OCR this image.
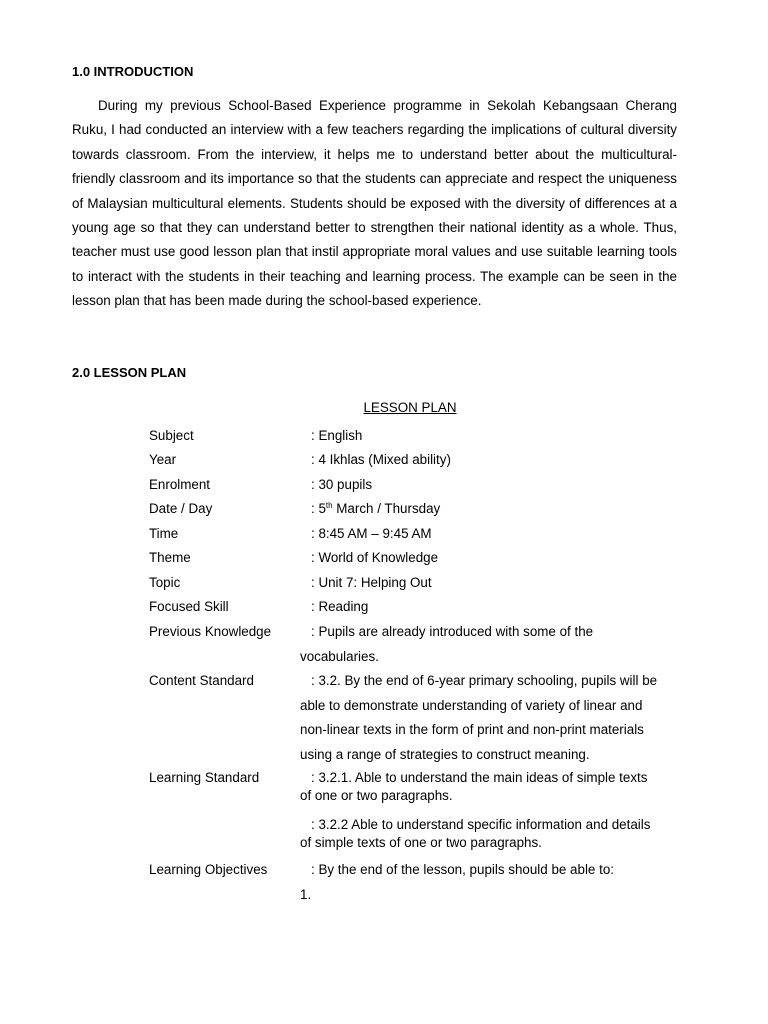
1.0 INTRODUCTION

During my previous School-Based Experience programme in Sekolah Kebangsaan Cherang Ruku, I had conducted an interview with a few teachers regarding the implications of cultural diversity towards classroom. From the interview, it helps me to understand better about the multicultural-friendly classroom and its importance so that the students can appreciate and respect the uniqueness of Malaysian multicultural elements. Students should be exposed with the diversity of differences at a young age so that they can understand better to strengthen their national identity as a whole. Thus, teacher must use good lesson plan that instil appropriate moral values and use suitable learning tools to interact with the students in their teaching and learning process. The example can be seen in the lesson plan that has been made during the school-based experience.

2.0 LESSON PLAN

LESSON PLAN

Subject	: English
Year	: 4 Ikhlas (Mixed ability)
Enrolment	: 30 pupils
Date / Day	: 5th March / Thursday
Time	: 8:45 AM – 9:45 AM
Theme	: World of Knowledge
Topic	: Unit 7: Helping Out
Focused Skill	: Reading
Previous Knowledge	: Pupils are already introduced with some of the
vocabularies.
Content Standard	: 3.2. By the end of 6-year primary schooling, pupils will be
able to demonstrate understanding of variety of linear and non-linear texts in the form of print and non-print materials using a range of strategies to construct meaning.
Learning Standard	: 3.2.1. Able to understand the main ideas of simple texts
of one or two paragraphs.
: 3.2.2 Able to understand specific information and details
of simple texts of one or two paragraphs.
Learning Objectives	: By the end of the lesson, pupils should be able to:
1.
